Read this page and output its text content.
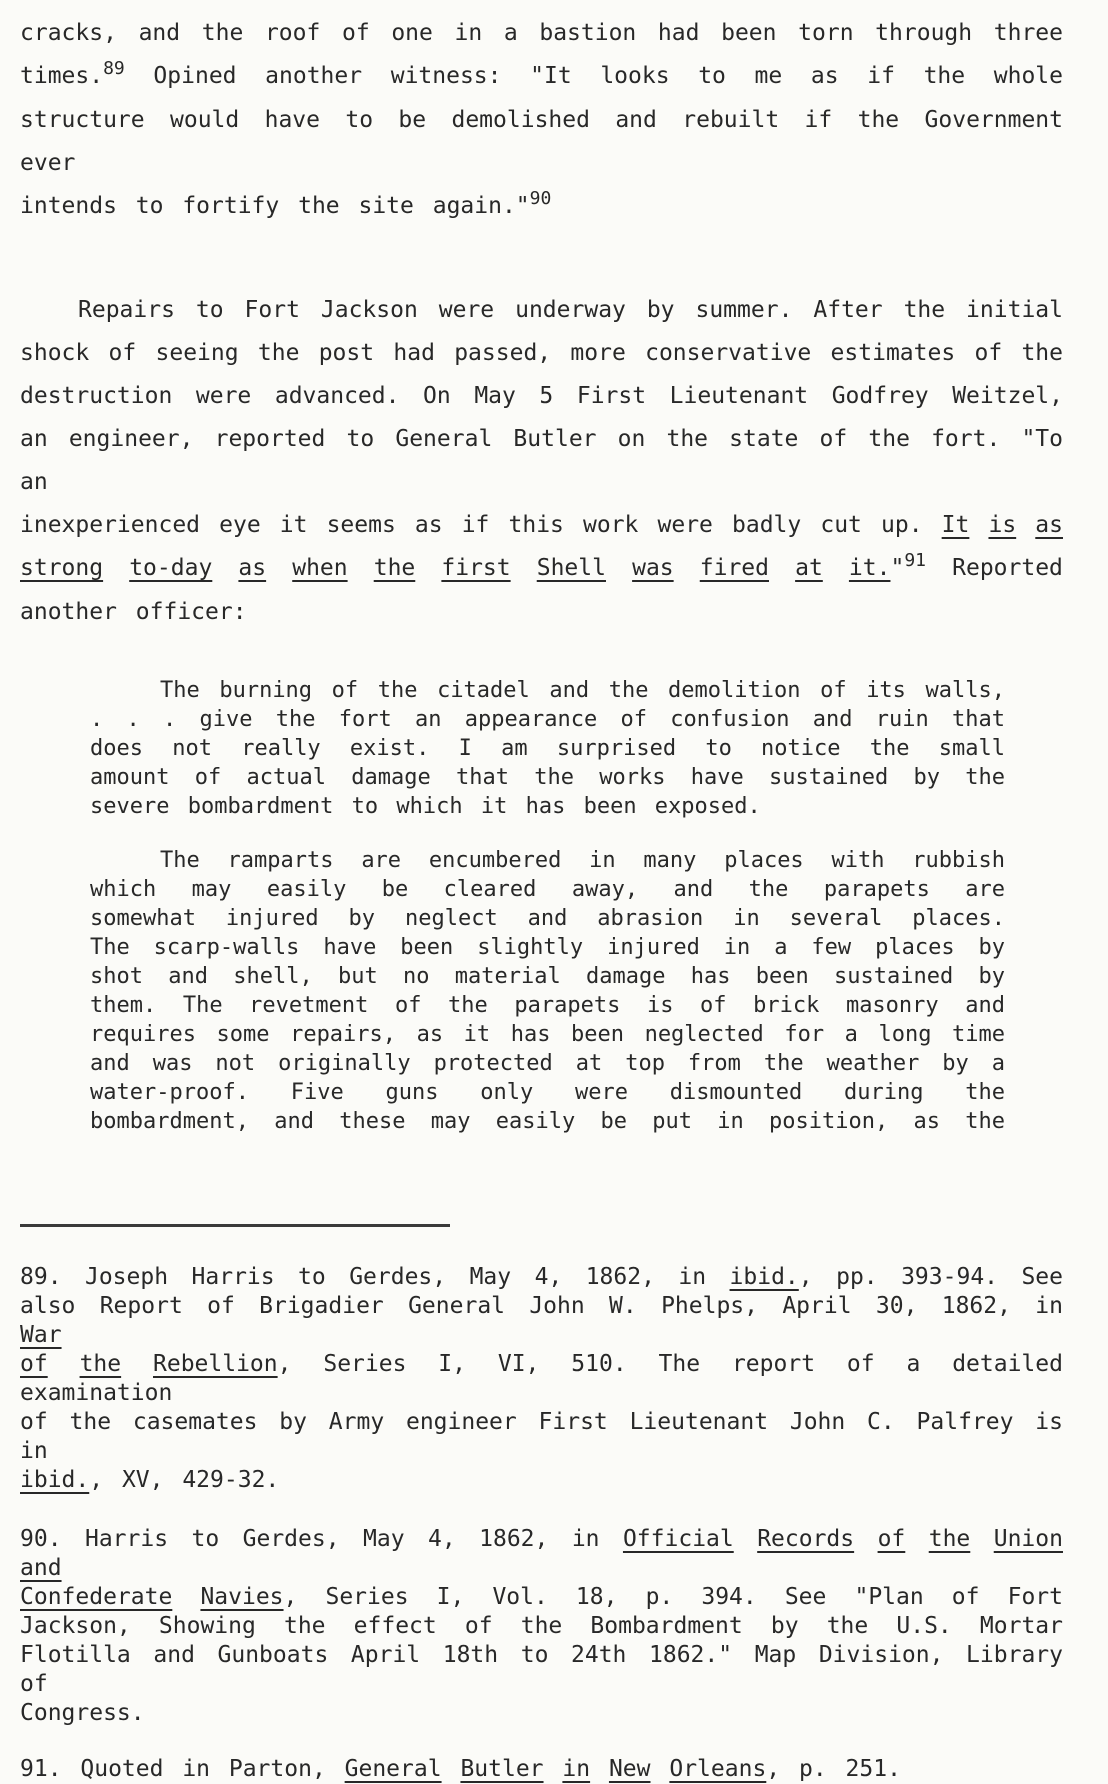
cracks, and the roof of one in a bastion had been torn through three
times.$^{89}$ Opined another witness: "It looks to me as if the whole
structure would have to be demolished and rebuilt if the Government ever
intends to fortify the site again."$^{90}$
Repairs to Fort Jackson were underway by summer. After the initial
shock of seeing the post had passed, more conservative estimates of the
destruction were advanced. On May 5 First Lieutenant Godfrey Weitzel,
an engineer, reported to General Butler on the state of the fort. "To an
inexperienced eye it seems as if this work were badly cut up. It is as
strong to-day as when the first Shell was fired at it."$^{91}$ Reported
another officer:
The burning of the citadel and the demolition of its walls,
. . . give the fort an appearance of confusion and ruin that
does not really exist. I am surprised to notice the small
amount of actual damage that the works have sustained by the
severe bombardment to which it has been exposed.
The ramparts are encumbered in many places with rubbish
which may easily be cleared away, and the parapets are
somewhat injured by neglect and abrasion in several places.
The scarp-walls have been slightly injured in a few places by
shot and shell, but no material damage has been sustained by
them. The revetment of the parapets is of brick masonry and
requires some repairs, as it has been neglected for a long time
and was not originally protected at top from the weather by a
water-proof. Five guns only were dismounted during the
bombardment, and these may easily be put in position, as the
89. Joseph Harris to Gerdes, May 4, 1862, in ibid., pp. 393-94. See
also Report of Brigadier General John W. Phelps, April 30, 1862, in War
of the Rebellion, Series I, VI, 510. The report of a detailed examination
of the casemates by Army engineer First Lieutenant John C. Palfrey is in
ibid., XV, 429-32.
90. Harris to Gerdes, May 4, 1862, in Official Records of the Union and
Confederate Navies, Series I, Vol. 18, p. 394. See "Plan of Fort
Jackson, Showing the effect of the Bombardment by the U.S. Mortar
Flotilla and Gunboats April 18th to 24th 1862." Map Division, Library of
Congress.
91. Quoted in Parton, General Butler in New Orleans, p. 251.
